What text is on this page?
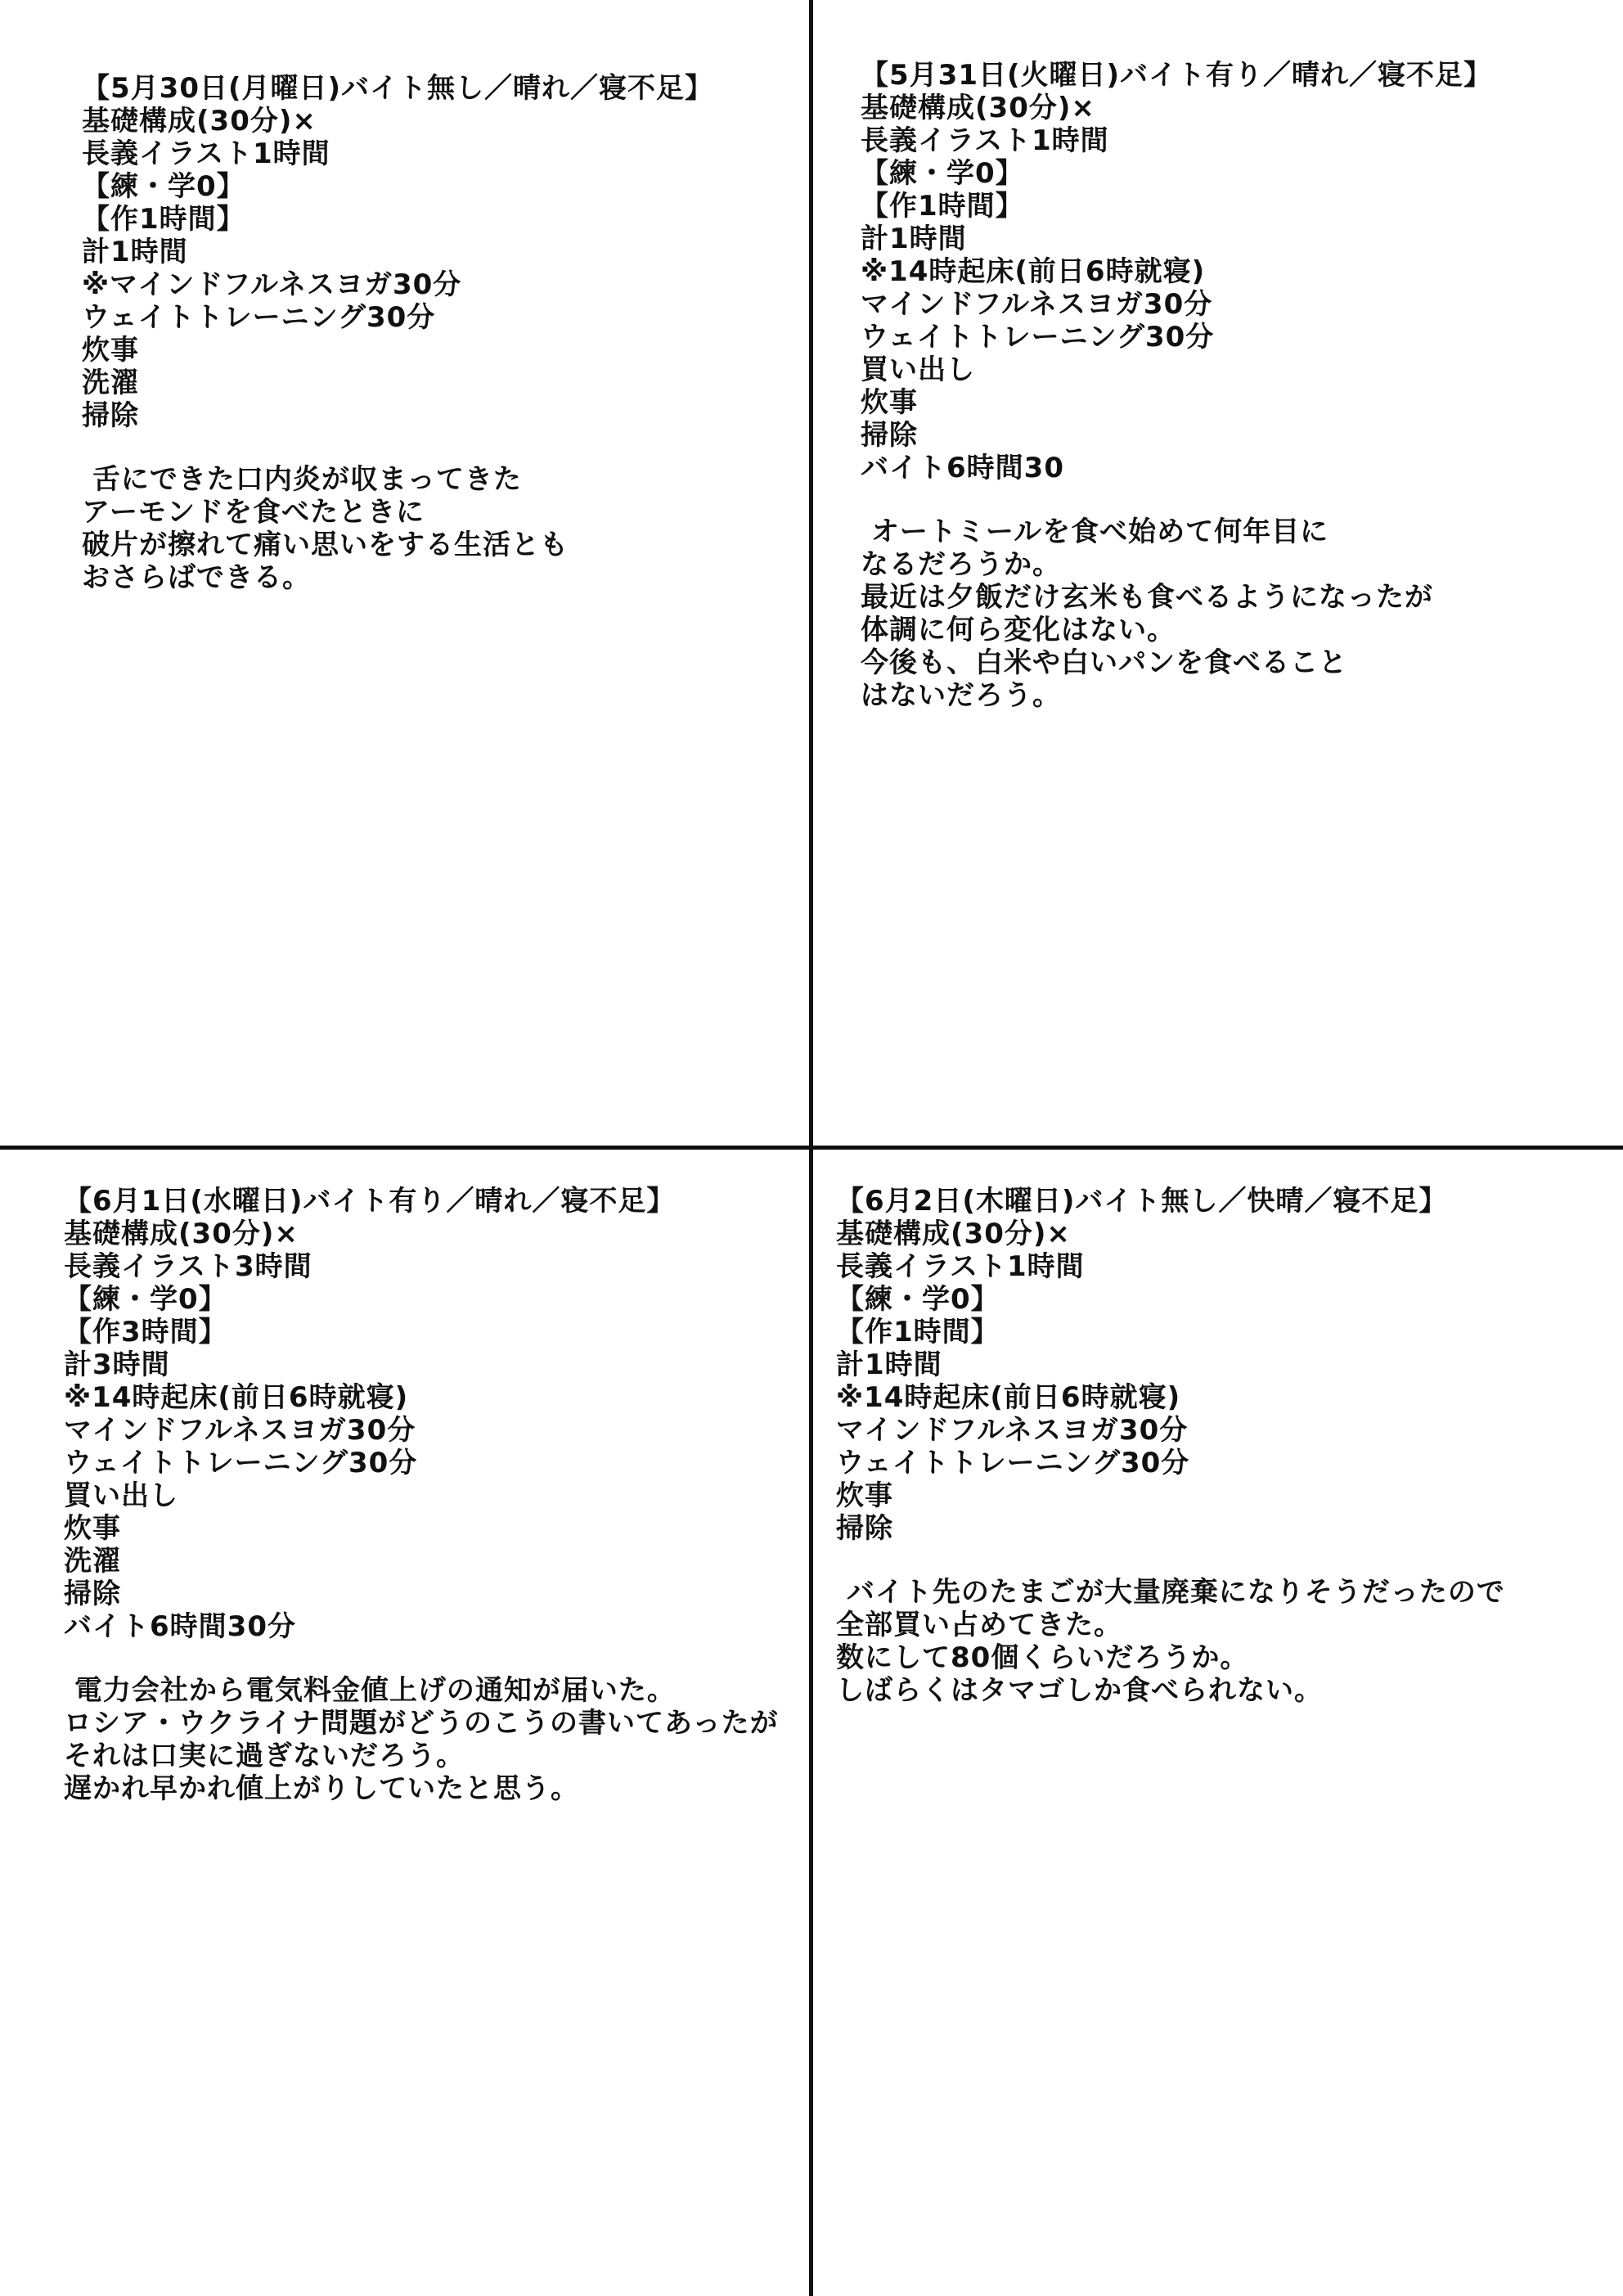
【5月30日(月曜日)バイト無し／晴れ／寝不足】
基礎構成(30分)×
長義イラスト1時間
【練・学0】
【作1時間】
計1時間
※マインドフルネスヨガ30分
ウェイトトレーニング30分
炊事
洗濯
掃除
舌にできた口内炎が収まってきた
アーモンドを食べたときに
破片が擦れて痛い思いをする生活とも
おさらばできる。
【5月31日(火曜日)バイト有り／晴れ／寝不足】
基礎構成(30分)×
長義イラスト1時間
【練・学0】
【作1時間】
計1時間
※14時起床(前日6時就寝)
マインドフルネスヨガ30分
ウェイトトレーニング30分
買い出し
炊事
掃除
バイト6時間30
オートミールを食べ始めて何年目に
なるだろうか。
最近は夕飯だけ玄米も食べるようになったが
体調に何ら変化はない。
今後も、白米や白いパンを食べること
はないだろう。
【6月1日(水曜日)バイト有り／晴れ／寝不足】
基礎構成(30分)×
長義イラスト3時間
【練・学0】
【作3時間】
計3時間
※14時起床(前日6時就寝)
マインドフルネスヨガ30分
ウェイトトレーニング30分
買い出し
炊事
洗濯
掃除
バイト6時間30分
電力会社から電気料金値上げの通知が届いた。
ロシア・ウクライナ問題がどうのこうの書いてあったが
それは口実に過ぎないだろう。
遅かれ早かれ値上がりしていたと思う。
【6月2日(木曜日)バイト無し／快晴／寝不足】
基礎構成(30分)×
長義イラスト1時間
【練・学0】
【作1時間】
計1時間
※14時起床(前日6時就寝)
マインドフルネスヨガ30分
ウェイトトレーニング30分
炊事
掃除
バイト先のたまごが大量廃棄になりそうだったので
全部買い占めてきた。
数にして80個くらいだろうか。
しばらくはタマゴしか食べられない。
